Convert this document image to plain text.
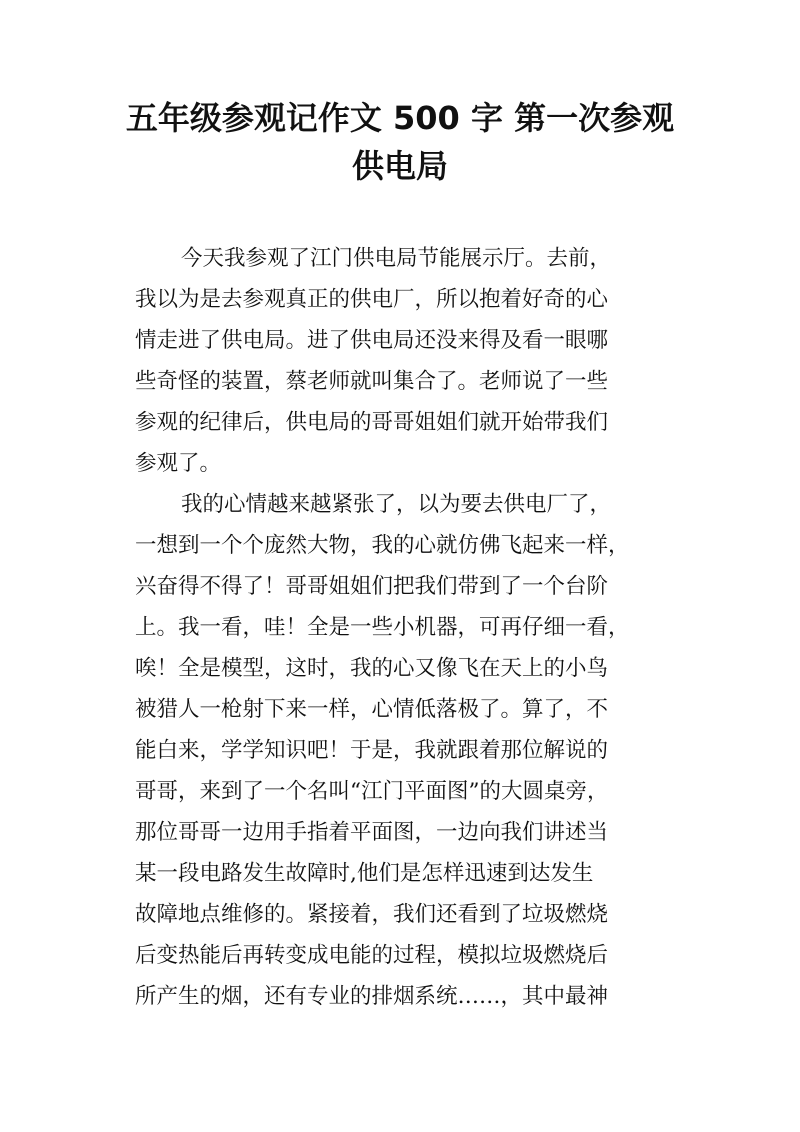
五年级参观记作文 500 字 第一次参观
供电局
今天我参观了江门供电局节能展示厅。去前，
我以为是去参观真正的供电厂，所以抱着好奇的心
情走进了供电局。进了供电局还没来得及看一眼哪
些奇怪的装置，蔡老师就叫集合了。老师说了一些
参观的纪律后，供电局的哥哥姐姐们就开始带我们
参观了。
我的心情越来越紧张了，以为要去供电厂了，
一想到一个个庞然大物，我的心就仿佛飞起来一样，
兴奋得不得了！哥哥姐姐们把我们带到了一个台阶
上。我一看，哇！全是一些小机器，可再仔细一看，
唉！全是模型，这时，我的心又像飞在天上的小鸟
被猎人一枪射下来一样，心情低落极了。算了，不
能白来，学学知识吧！于是，我就跟着那位解说的
哥哥，来到了一个名叫“江门平面图”的大圆桌旁，
那位哥哥一边用手指着平面图，一边向我们讲述当
某一段电路发生故障时,他们是怎样迅速到达发生
故障地点维修的。紧接着，我们还看到了垃圾燃烧
后变热能后再转变成电能的过程，模拟垃圾燃烧后
所产生的烟，还有专业的排烟系统……，其中最神
